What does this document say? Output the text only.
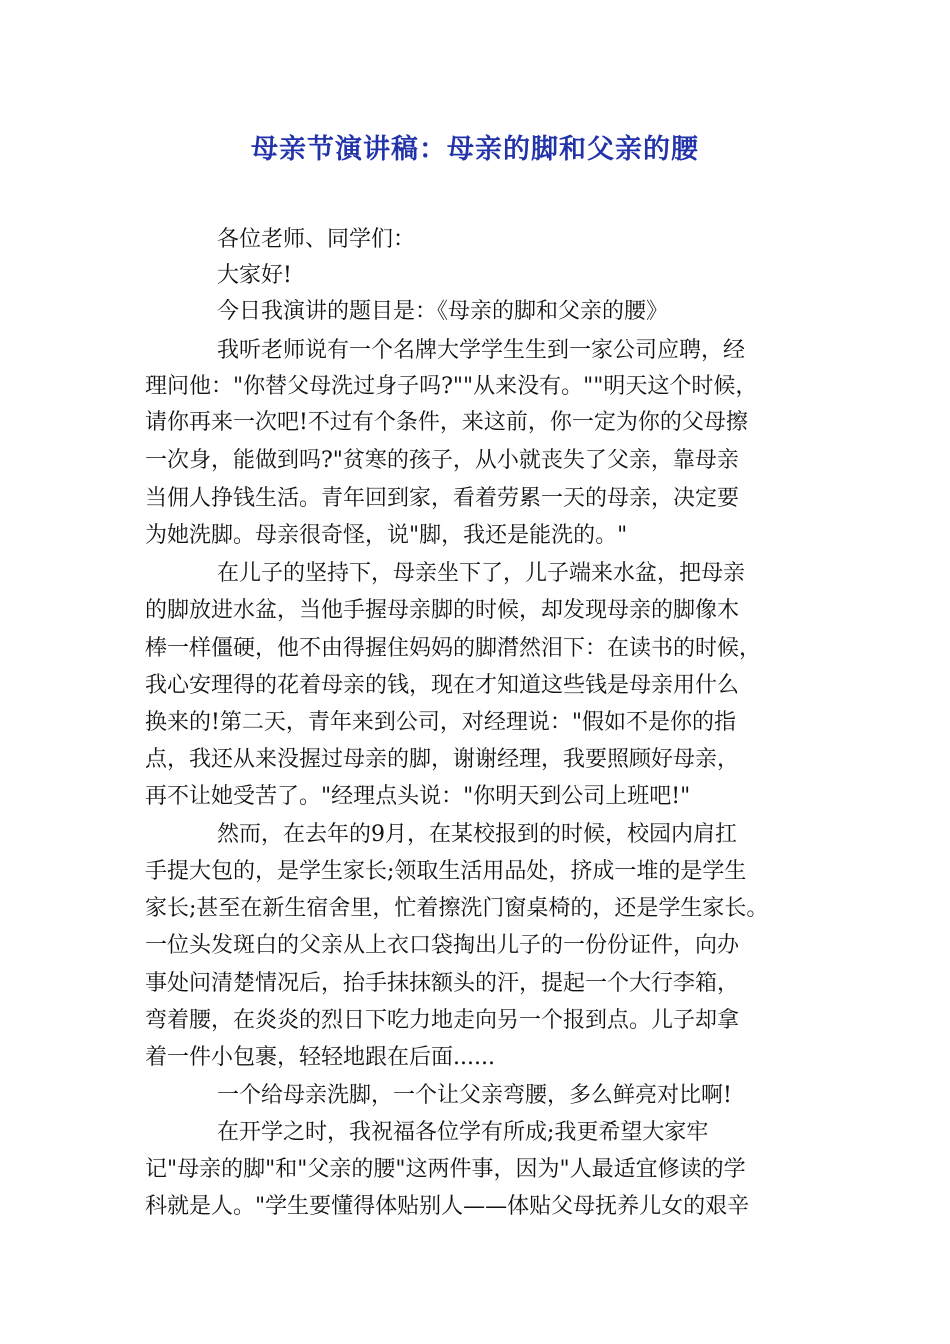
母亲节演讲稿：母亲的脚和父亲的腰
各位老师、同学们：
大家好!
今日我演讲的题目是：《母亲的脚和父亲的腰》
我听老师说有一个名牌大学学生生到一家公司应聘，经
理问他："你替父母洗过身子吗?""从来没有。""明天这个时候，
请你再来一次吧!不过有个条件，来这前，你一定为你的父母擦
一次身，能做到吗?"贫寒的孩子，从小就丧失了父亲，靠母亲
当佣人挣钱生活。青年回到家，看着劳累一天的母亲，决定要
为她洗脚。母亲很奇怪，说"脚，我还是能洗的。"
在儿子的坚持下，母亲坐下了，儿子端来水盆，把母亲
的脚放进水盆，当他手握母亲脚的时候，却发现母亲的脚像木
棒一样僵硬，他不由得握住妈妈的脚潸然泪下：在读书的时候，
我心安理得的花着母亲的钱，现在才知道这些钱是母亲用什么
换来的!第二天，青年来到公司，对经理说："假如不是你的指
点，我还从来没握过母亲的脚，谢谢经理，我要照顾好母亲，
再不让她受苦了。"经理点头说："你明天到公司上班吧!"
然而，在去年的9月，在某校报到的时候，校园内肩扛
手提大包的，是学生家长;领取生活用品处，挤成一堆的是学生
家长;甚至在新生宿舍里，忙着擦洗门窗桌椅的，还是学生家长。
一位头发斑白的父亲从上衣口袋掏出儿子的一份份证件，向办
事处问清楚情况后，抬手抹抹额头的汗，提起一个大行李箱，
弯着腰，在炎炎的烈日下吃力地走向另一个报到点。儿子却拿
着一件小包裹，轻轻地跟在后面......
一个给母亲洗脚，一个让父亲弯腰，多么鲜亮对比啊!
在开学之时，我祝福各位学有所成;我更希望大家牢
记"母亲的脚"和"父亲的腰"这两件事，因为"人最适宜修读的学
科就是人。"学生要懂得体贴别人——体贴父母抚养儿女的艰辛
